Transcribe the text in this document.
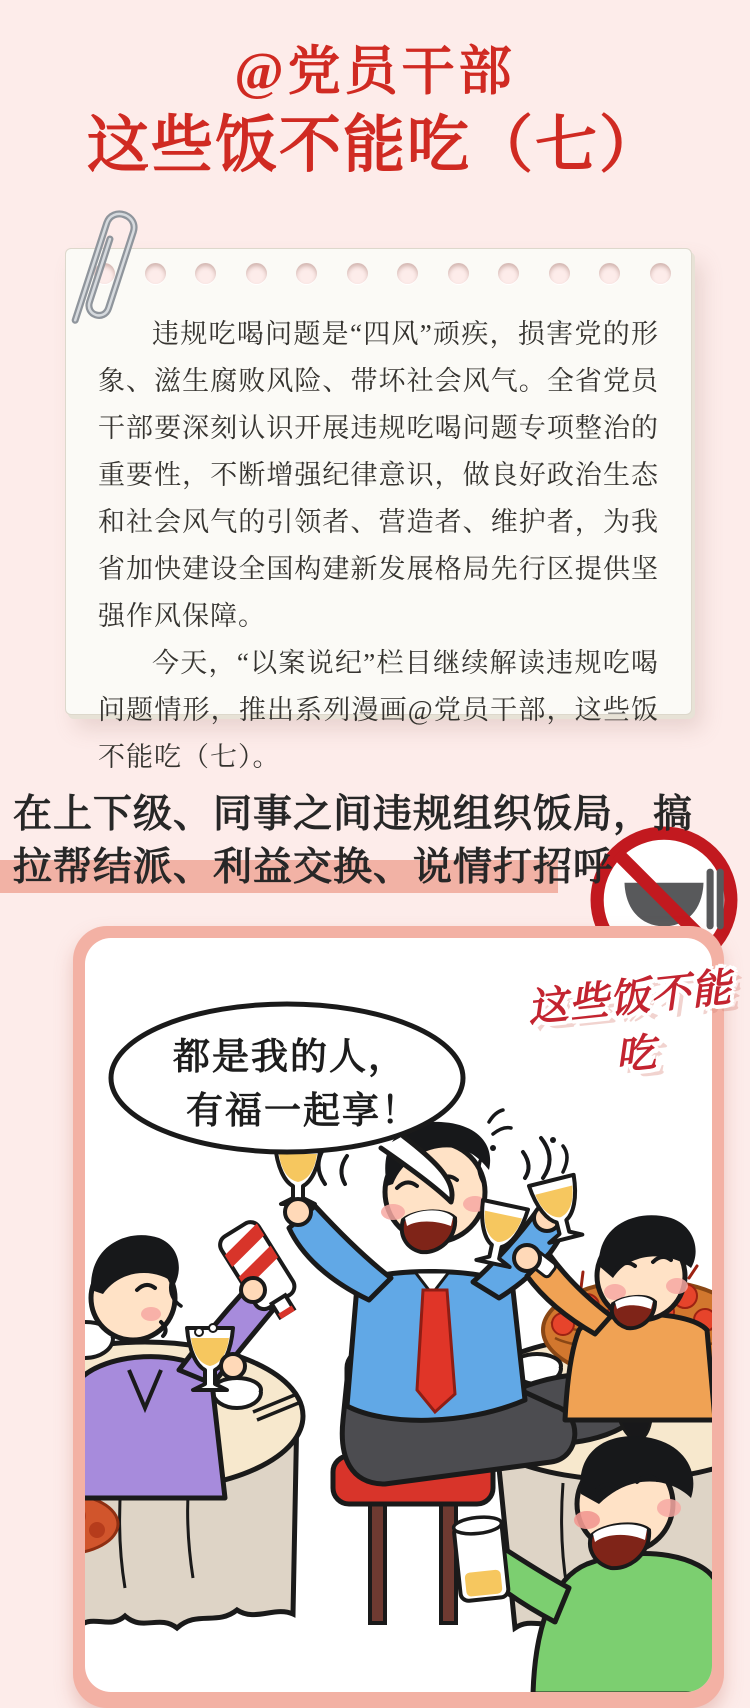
@党员干部
这些饭不能吃（七）

违规吃喝问题是“四风”顽疾，损害党的形象、滋生腐败风险、带坏社会风气。全省党员干部要深刻认识开展违规吃喝问题专项整治的重要性，不断增强纪律意识，做良好政治生态和社会风气的引领者、营造者、维护者，为我省加快建设全国构建新发展格局先行区提供坚强作风保障。

今天，“以案说纪”栏目继续解读违规吃喝问题情形，推出系列漫画@党员干部，这些饭不能吃（七）。

在上下级、同事之间违规组织饭局，搞
拉帮结派、利益交换、说情打招呼
这些饭不能吃
都是我的人，
有福一起享！
